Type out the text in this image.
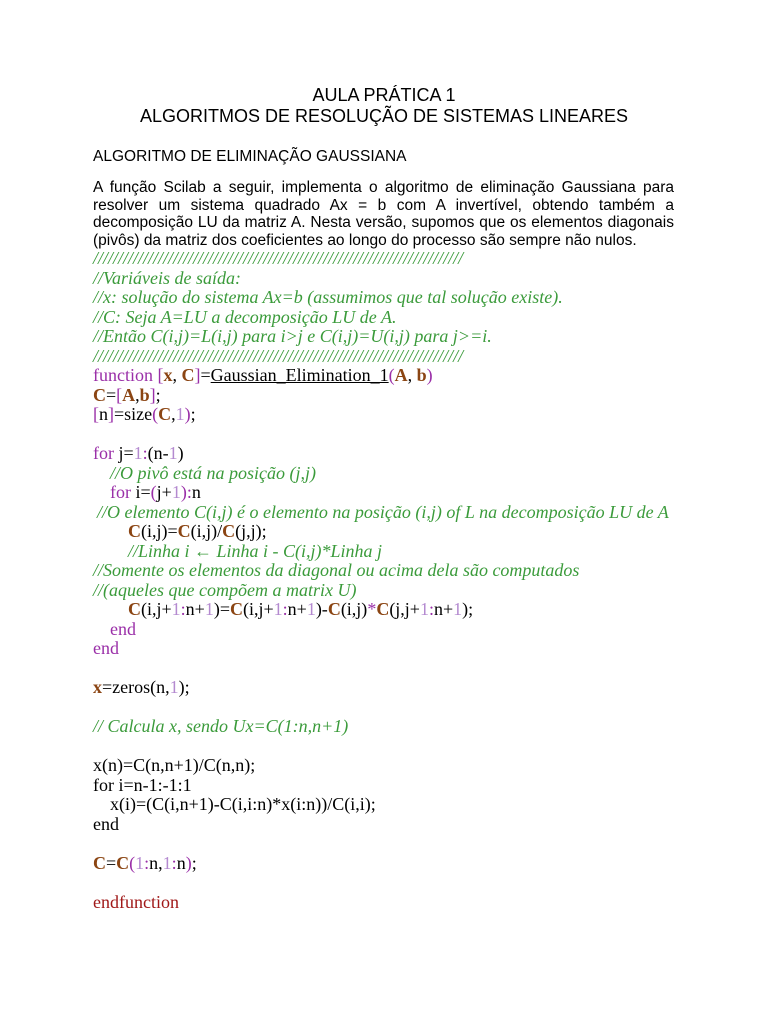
AULA PRÁTICA 1
ALGORITMOS DE RESOLUÇÃO DE SISTEMAS LINEARES
ALGORITMO DE ELIMINAÇÃO GAUSSIANA
A função Scilab a seguir, implementa o algoritmo de eliminação Gaussiana para
resolver um sistema quadrado Ax = b com A invertível, obtendo também a
decomposição LU da matriz A. Nesta versão, supomos que os elementos diagonais
(pivôs) da matriz dos coeficientes ao longo do processo são sempre não nulos.
//////////////////////////////////////////////////////////////////////////
//Variáveis de saída:
//x: solução do sistema Ax=b (assumimos que tal solução existe).
//C: Seja A=LU a decomposição LU de A.
//Então C(i,j)=L(i,j) para i>j e C(i,j)=U(i,j) para j>=i.
//////////////////////////////////////////////////////////////////////////
function [x, C]=Gaussian_Elimination_1(A, b)
C=[A,b];
[n]=size(C,1);
for j=1:(n-1)
//O pivô está na posição (j,j)
for i=(j+1):n
//O elemento C(i,j) é o elemento na posição (i,j) of L na decomposição LU de A
C(i,j)=C(i,j)/C(j,j);
//Linha i ← Linha i - C(i,j)*Linha j
//Somente os elementos da diagonal ou acima dela são computados
//(aqueles que compõem a matrix U)
C(i,j+1:n+1)=C(i,j+1:n+1)-C(i,j)*C(j,j+1:n+1);
end
end
x=zeros(n,1);
// Calcula x, sendo Ux=C(1:n,n+1)
x(n)=C(n,n+1)/C(n,n);
for i=n-1:-1:1
x(i)=(C(i,n+1)-C(i,i:n)*x(i:n))/C(i,i);
end
C=C(1:n,1:n);
endfunction
